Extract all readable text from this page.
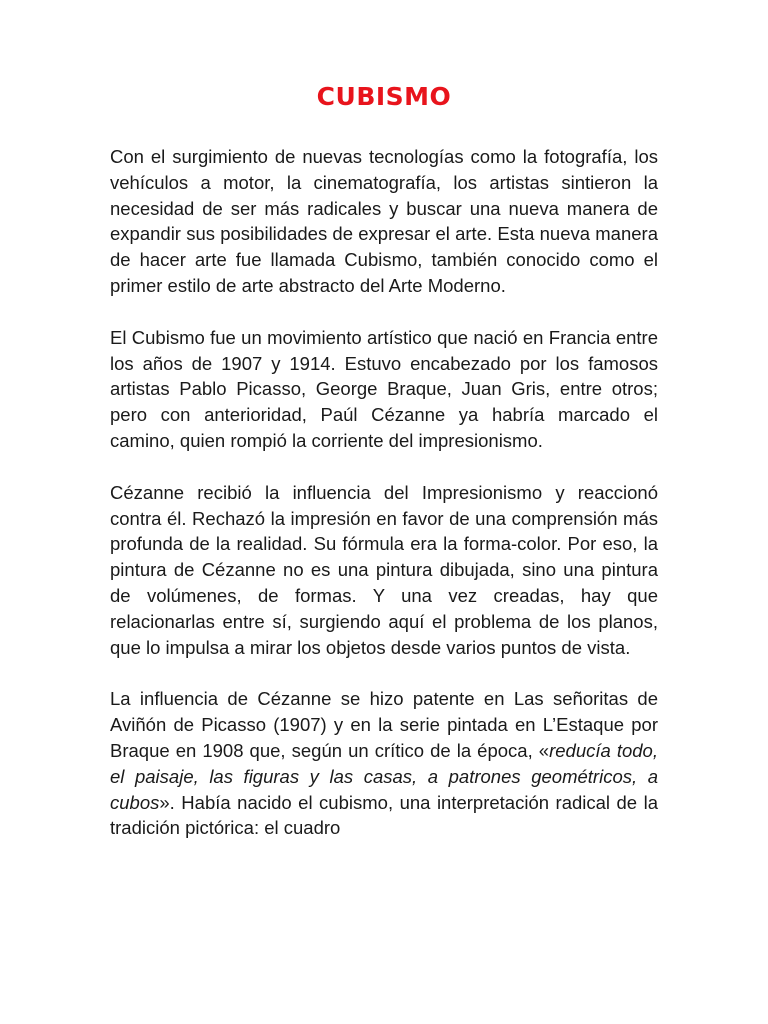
CUBISMO

Con el surgimiento de nuevas tecnologías como la fotografía, los vehículos a motor, la cinematografía, los artistas sintieron la necesidad de ser más radicales y buscar una nueva manera de expandir sus posibilidades de expresar el arte. Esta nueva manera de hacer arte fue llamada Cubismo, también conocido como el primer estilo de arte abstracto del Arte Moderno.

El Cubismo fue un movimiento artístico que nació en Francia entre los años de 1907 y 1914. Estuvo encabezado por los famosos artistas Pablo Picasso, George Braque, Juan Gris, entre otros; pero con anterioridad, Paúl Cézanne ya habría marcado el camino, quien rompió la corriente del impresionismo.

Cézanne recibió la influencia del Impresionismo y reaccionó contra él. Rechazó la impresión en favor de una comprensión más profunda de la realidad. Su fórmula era la forma-color. Por eso, la pintura de Cézanne no es una pintura dibujada, sino una pintura de volúmenes, de formas. Y una vez creadas, hay que relacionarlas entre sí, surgiendo aquí el problema de los planos, que lo impulsa a mirar los objetos desde varios puntos de vista.

La influencia de Cézanne se hizo patente en Las señoritas de Aviñón de Picasso (1907) y en la serie pintada en L’Estaque por Braque en 1908 que, según un crítico de la época, «reducía todo, el paisaje, las figuras y las casas, a patrones geométricos, a cubos». Había nacido el cubismo, una interpretación radical de la tradición pictórica: el cuadro
